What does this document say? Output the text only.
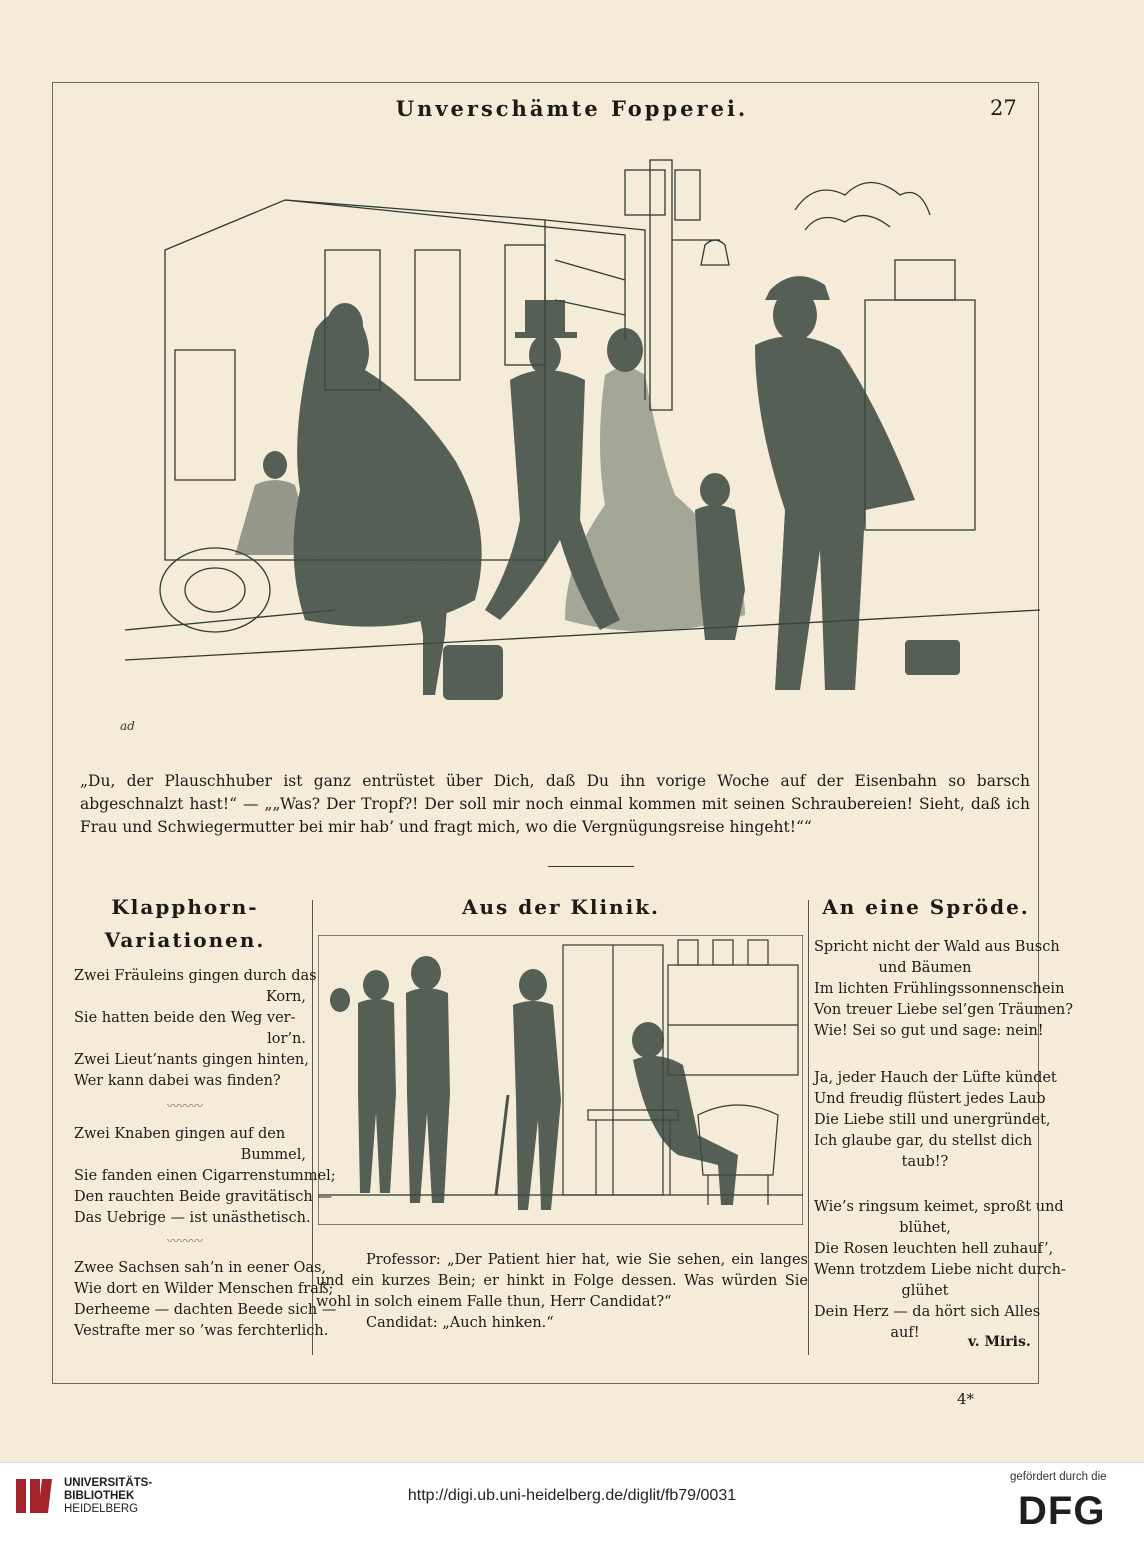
Unverschämte Fopperei.	27
ad

„Du, der Plauschhuber ist ganz entrüstet über Dich, daß Du ihn vorige Woche auf der Eisenbahn so barsch abgeschnalzt hast!“ — „„Was? Der Tropf?! Der soll mir noch einmal kommen mit seinen Schraubereien! Sieht, daß ich Frau und Schwiegermutter bei mir hab’ und fragt mich, wo die Vergnügungsreise hingeht!““

Klapphorn-
Variationen.
Zwei Fräuleins gingen durch das
Korn,
Sie hatten beide den Weg ver-
lor’n.
Zwei Lieut’nants gingen hinten,
Wer kann dabei was finden?
〰〰〰
Zwei Knaben gingen auf den
Bummel,
Sie fanden einen Cigarrenstummel;
Den rauchten Beide gravitätisch —
Das Uebrige — ist unästhetisch.
〰〰〰
Zwee Sachsen sah’n in eener Oas,
Wie dort en Wilder Menschen fraß;
Derheeme — dachten Beede sich —
Vestrafte mer so ’was ferchterlich.
Aus der Klinik.

Professor: „Der Patient hier hat, wie Sie sehen, ein langes und ein kurzes Bein; er hinkt in Folge dessen. Was würden Sie wohl in solch einem Falle thun, Herr Candidat?“

Candidat: „Auch hinken.“

An eine Spröde.
Spricht nicht der Wald aus Busch
und Bäumen
Im lichten Frühlingssonnenschein
Von treuer Liebe sel’gen Träumen?
Wie! Sei so gut und sage: nein!
Ja, jeder Hauch der Lüfte kündet
Und freudig flüstert jedes Laub
Die Liebe still und unergründet,
Ich glaube gar, du stellst dich
taub!?
Wie’s ringsum keimet, sproßt und
blühet,
Die Rosen leuchten hell zuhauf’,
Wenn trotzdem Liebe nicht durch-
glühet
Dein Herz — da hört sich Alles
auf!
v. Miris.
4*
UNIVERSITÄTS-
BIBLIOTHEK
HEIDELBERG
http://digi.ub.uni-heidelberg.de/diglit/fb79/0031
gefördert durch die
DFG
